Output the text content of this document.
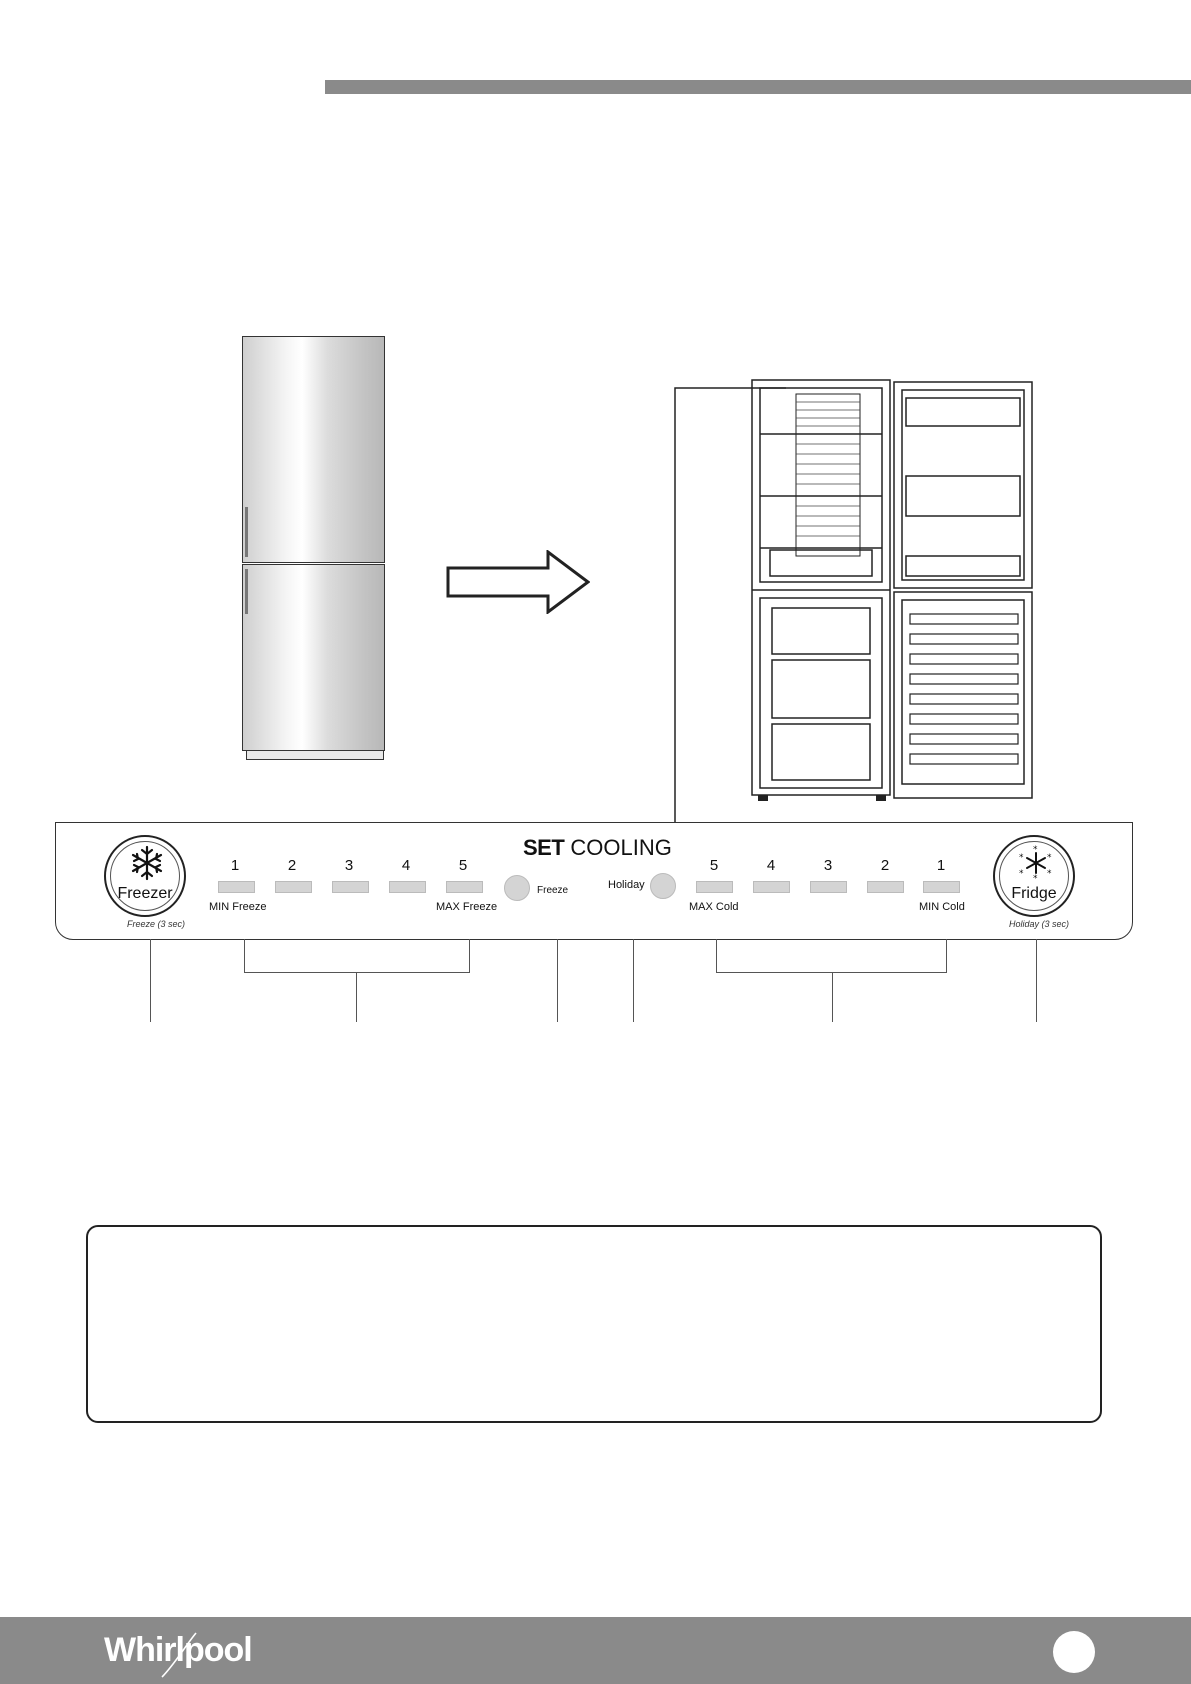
SET COOLING
Freezer
Freeze (3 sec)
1	2	3	4	5
MIN Freeze	MAX Freeze
Freeze	Holiday
5	4	3	2	1
MAX Cold	MIN Cold
*
*	*
*	*
*
Fridge
Holiday (3 sec)
Whirlpool
